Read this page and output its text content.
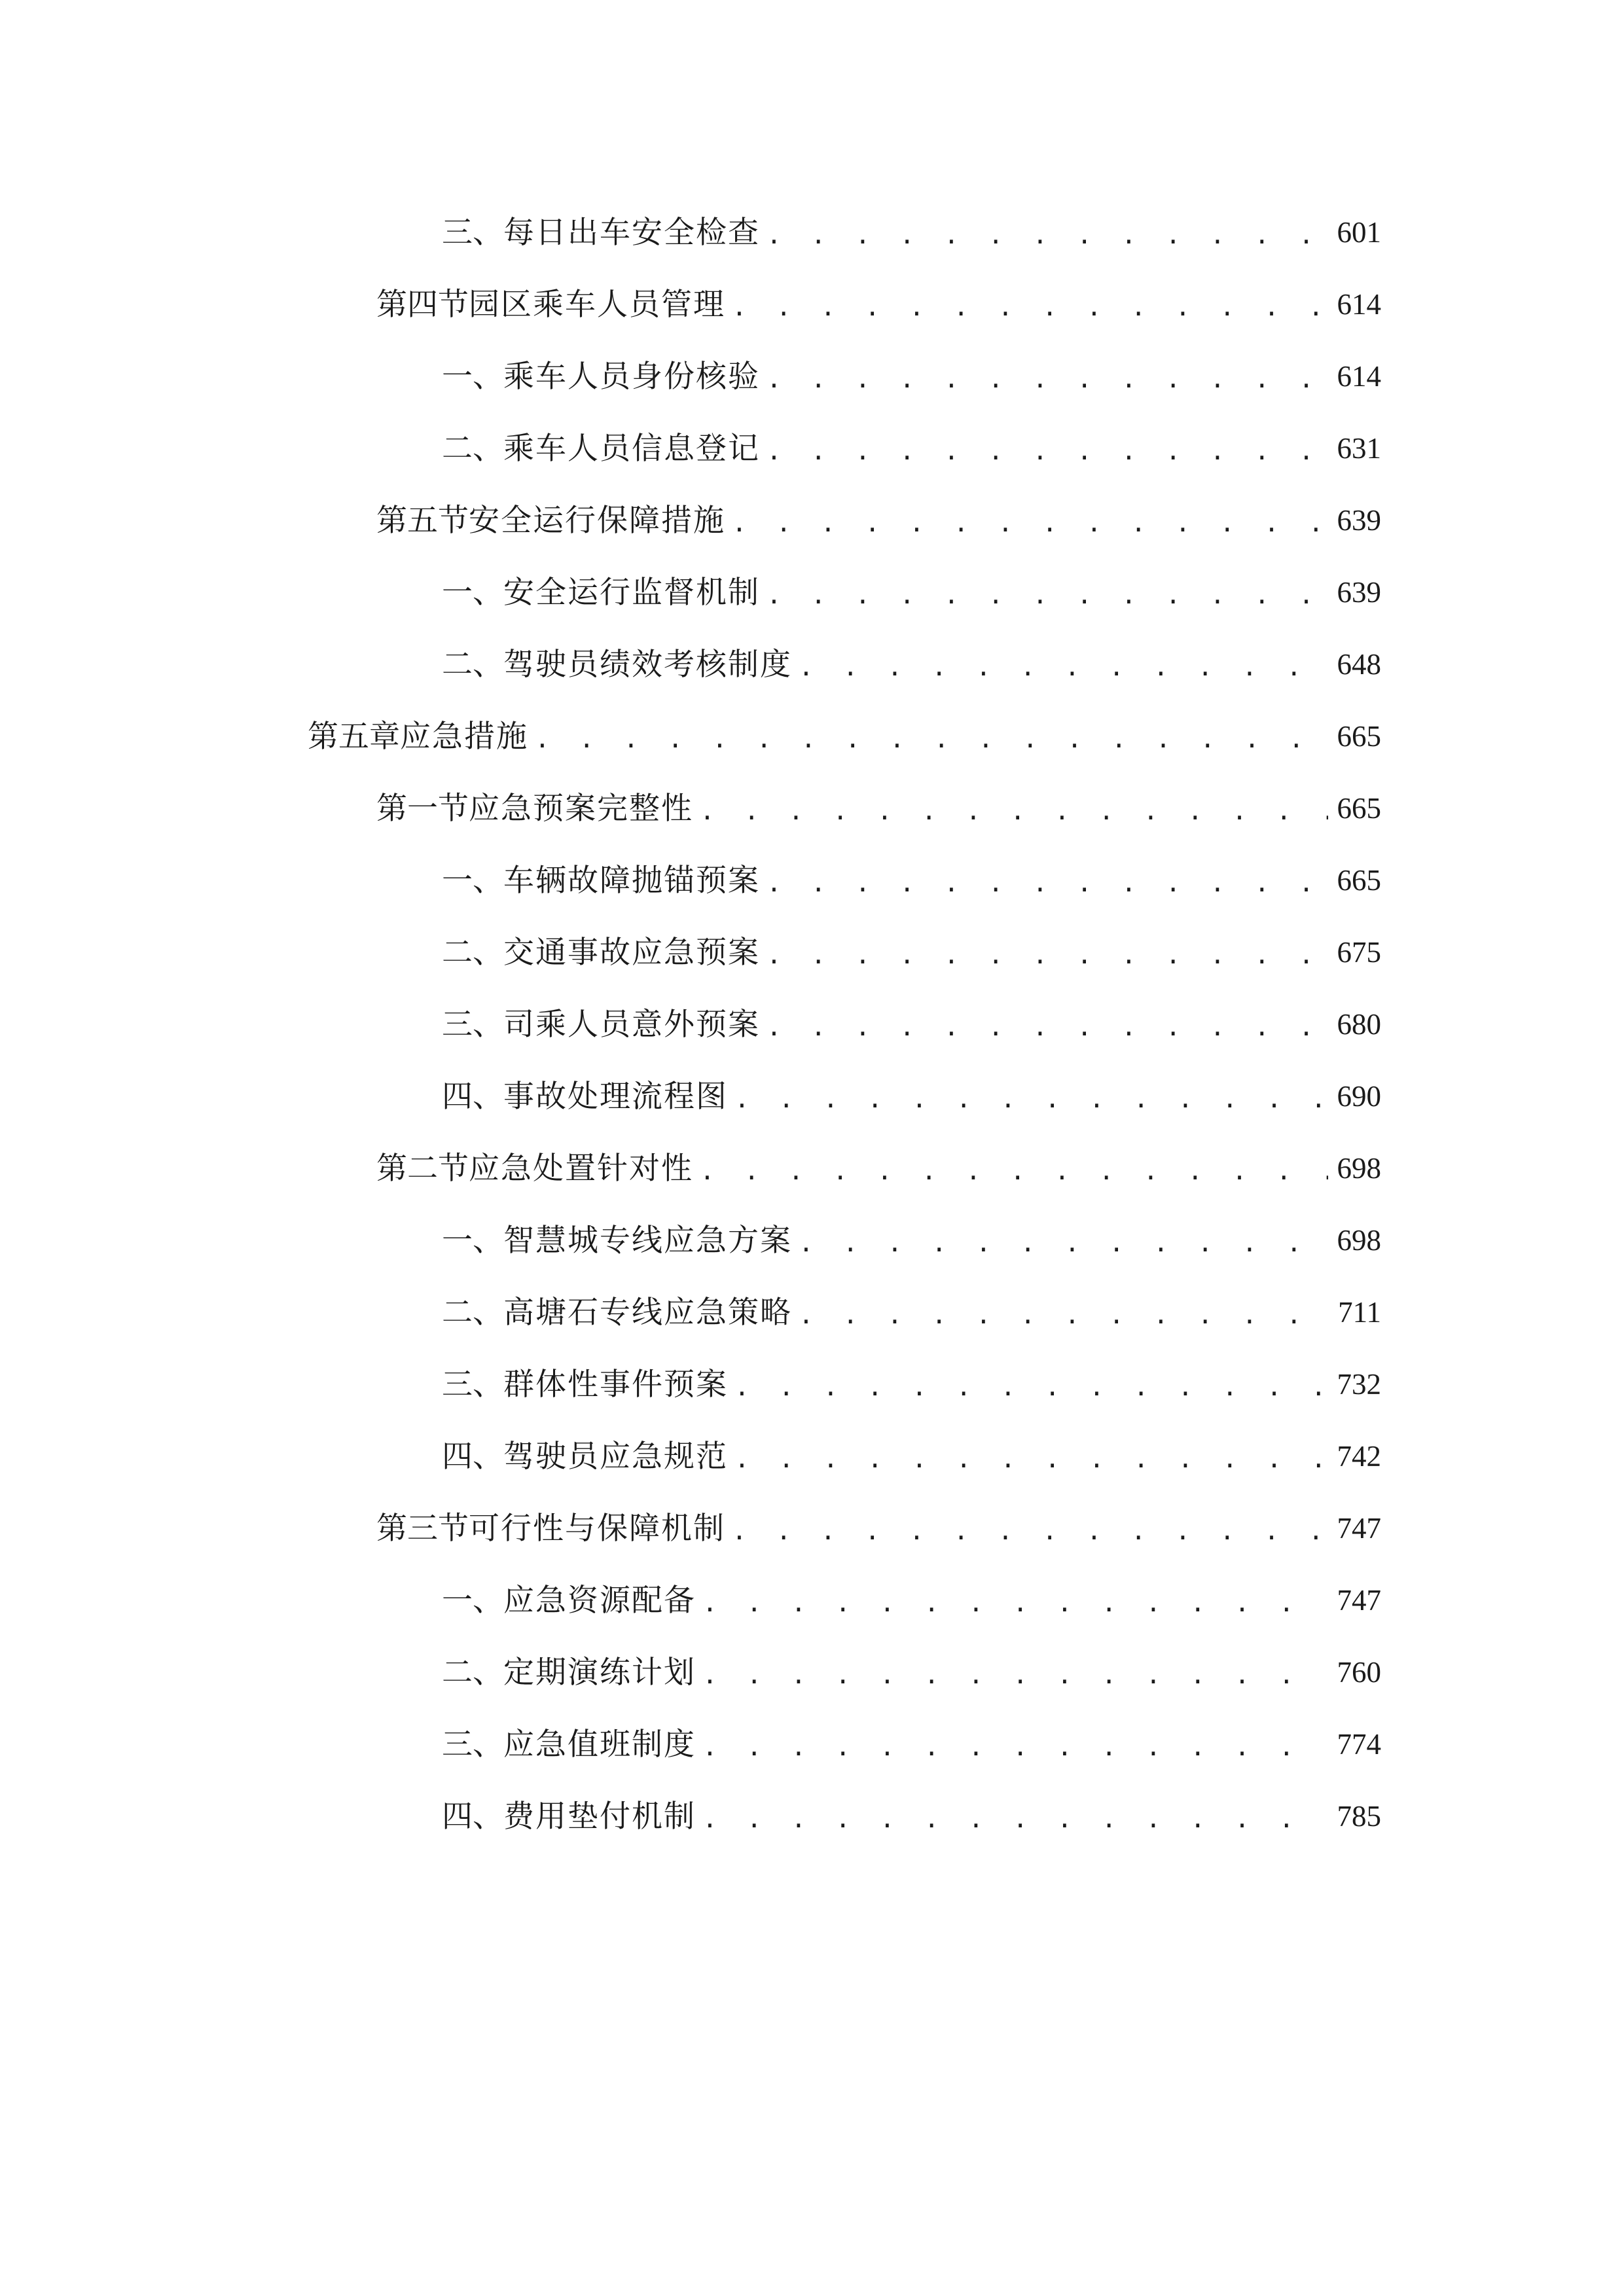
三、 每日出车安全检查 . . .	601
第四节 园区乘车人员管理 . . .	614
一、 乘车人员身份核验 . . .	614
二、 乘车人员信息登记 . . .	631
第五节 安全运行保障措施 . . .	639
一、 安全运行监督机制 . . .	639
二、 驾驶员绩效考核制度 . . .	648
第五章 应急措施 . . .	665
第一节 应急预案完整性 . . .	665
一、 车辆故障抛锚预案 . . .	665
二、 交通事故应急预案 . . .	675
三、 司乘人员意外预案 . . .	680
四、 事故处理流程图 . . .	690
第二节 应急处置针对性 . . .	698
一、 智慧城专线应急方案 . . .	698
二、 高塘石专线应急策略 . . .	711
三、 群体性事件预案 . . .	732
四、 驾驶员应急规范 . . .	742
第三节 可行性与保障机制 . . .	747
一、 应急资源配备 . . .	747
二、 定期演练计划 . . .	760
三、 应急值班制度 . . .	774
四、 费用垫付机制 . . .	785
